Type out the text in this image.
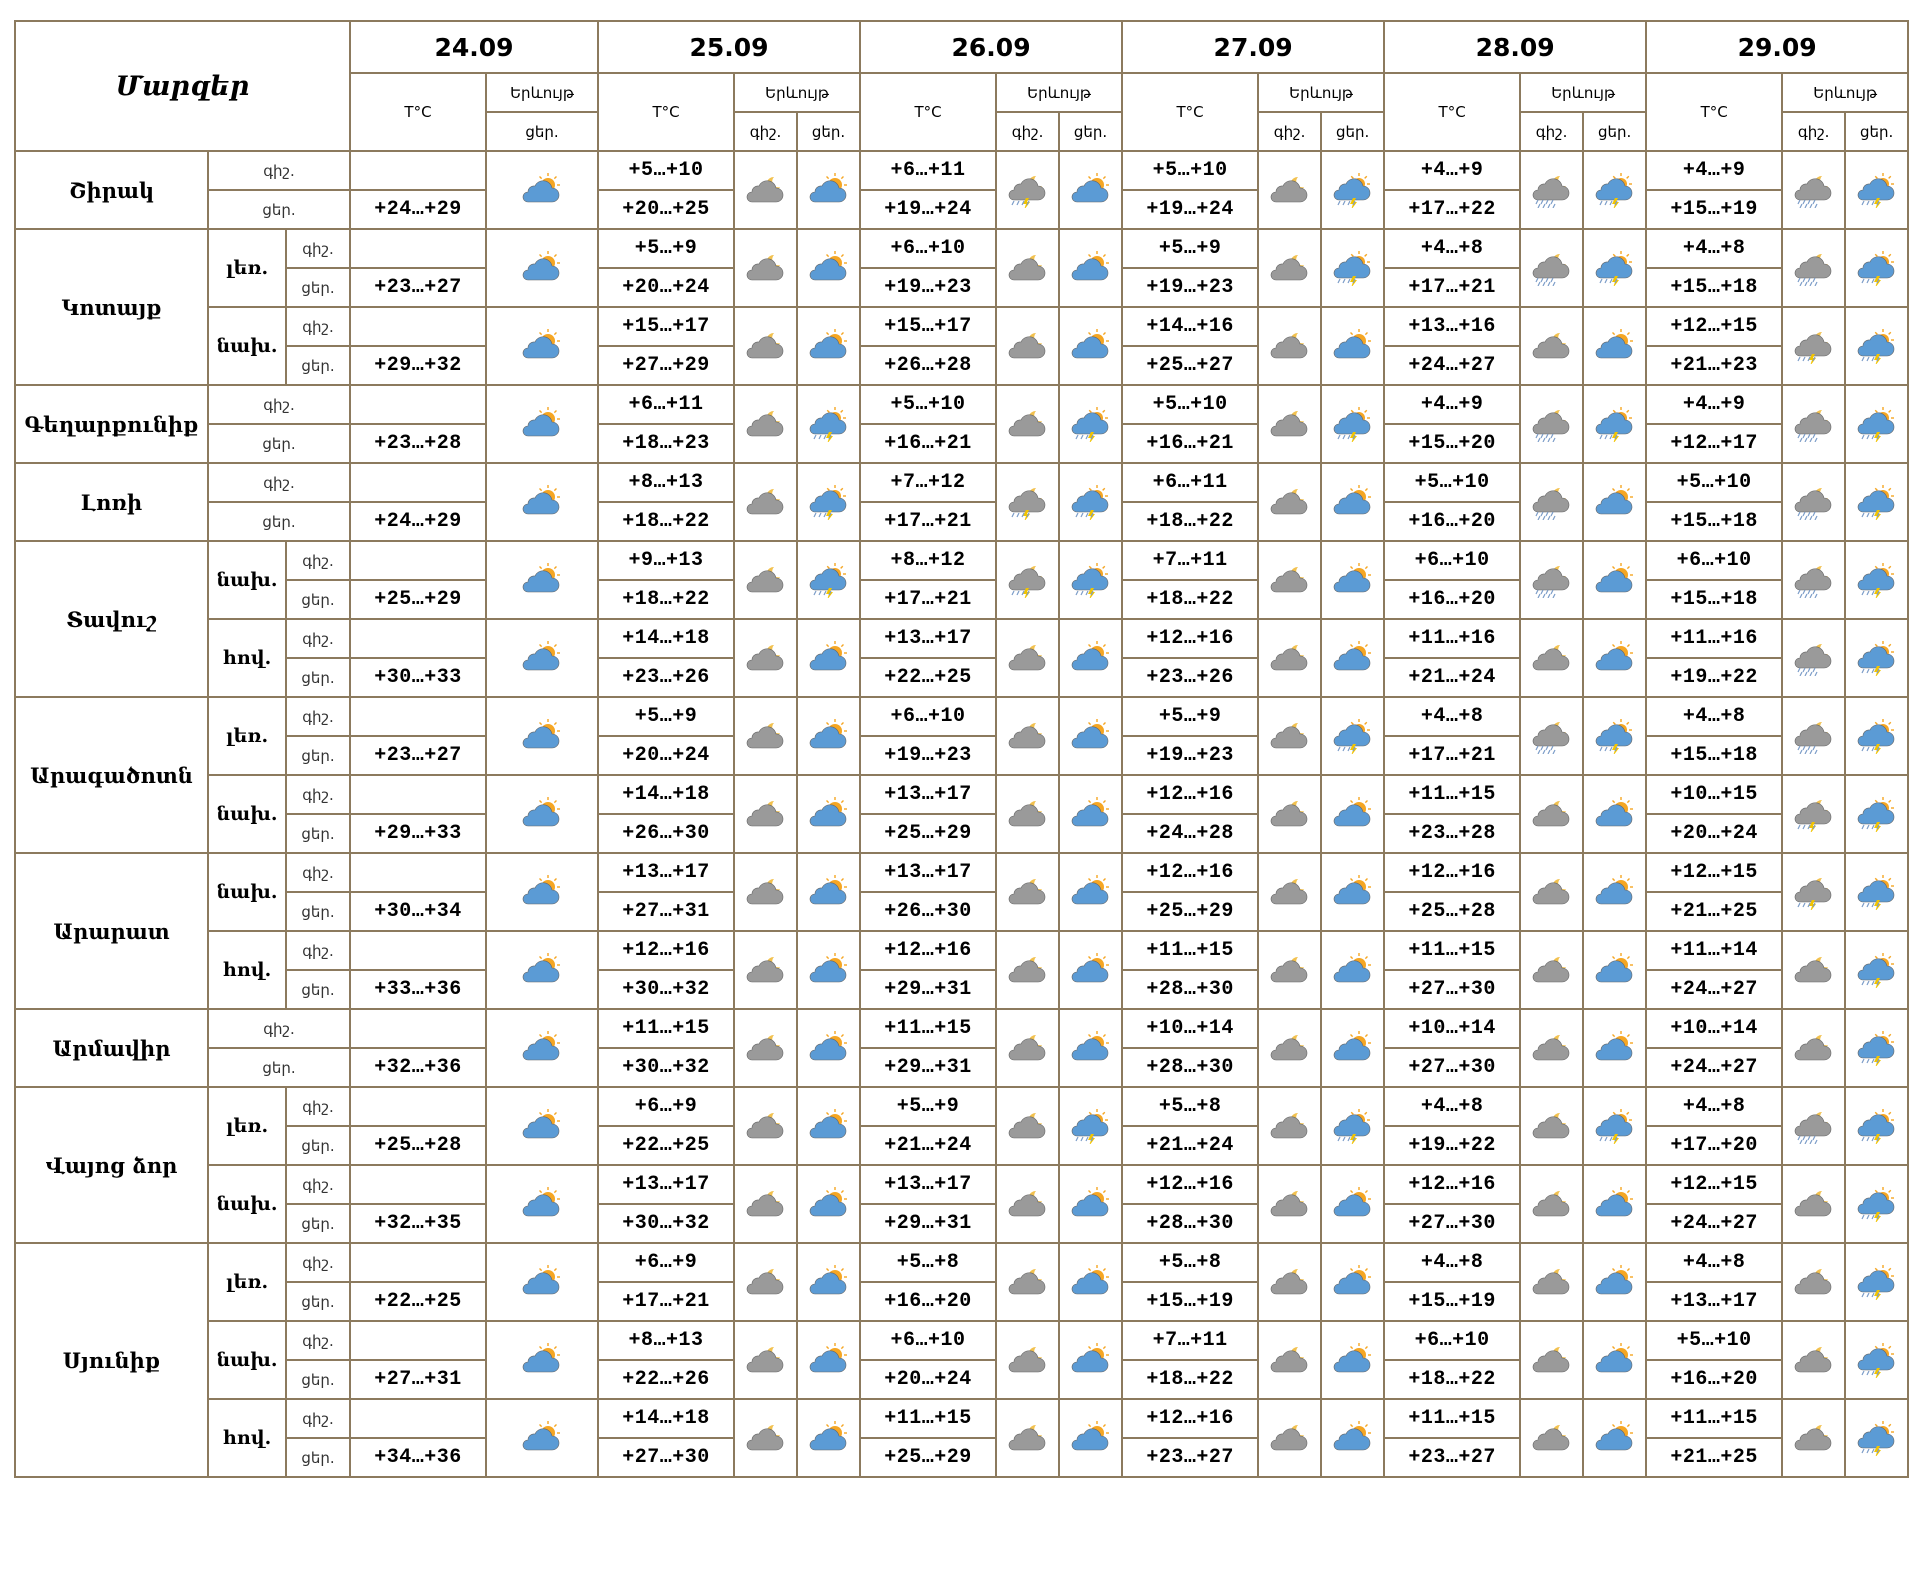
Մարզեր			24.09		25.09			26.09			27.09			28.09			29.09		
			T°C	Երևույթ	T°C	Երևույթ		T°C	Երևույթ		T°C	Երևույթ		T°C	Երևույթ		T°C	Երևույթ	
				ցեր.		գիշ.	ցեր.		գիշ.	ցեր.		գիշ.	ցեր.		գիշ.	ցեր.		գիշ.	ցեր.
Շիրակ	գիշ.				+5…+10			+6…+11			+5…+10			+4…+9			+4…+9		
	ցեր.		+24…+29		+20…+25			+19…+24			+19…+24			+17…+22			+15…+19		
Կոտայք	լեռ.	գիշ.			+5…+9			+6…+10			+5…+9			+4…+8			+4…+8		
		ցեր.	+23…+27		+20…+24			+19…+23			+19…+23			+17…+21			+15…+18		
	նախ.	գիշ.			+15…+17			+15…+17			+14…+16			+13…+16			+12…+15		
		ցեր.	+29…+32		+27…+29			+26…+28			+25…+27			+24…+27			+21…+23		
Գեղարքունիք	գիշ.				+6…+11			+5…+10			+5…+10			+4…+9			+4…+9		
	ցեր.		+23…+28		+18…+23			+16…+21			+16…+21			+15…+20			+12…+17		
Լոռի	գիշ.				+8…+13			+7…+12			+6…+11			+5…+10			+5…+10		
	ցեր.		+24…+29		+18…+22			+17…+21			+18…+22			+16…+20			+15…+18		
Տավուշ	նախ.	գիշ.			+9…+13			+8…+12			+7…+11			+6…+10			+6…+10		
		ցեր.	+25…+29		+18…+22			+17…+21			+18…+22			+16…+20			+15…+18		
	հով.	գիշ.			+14…+18			+13…+17			+12…+16			+11…+16			+11…+16		
		ցեր.	+30…+33		+23…+26			+22…+25			+23…+26			+21…+24			+19…+22		
Արագածոտն	լեռ.	գիշ.			+5…+9			+6…+10			+5…+9			+4…+8			+4…+8		
		ցեր.	+23…+27		+20…+24			+19…+23			+19…+23			+17…+21			+15…+18		
	նախ.	գիշ.			+14…+18			+13…+17			+12…+16			+11…+15			+10…+15		
		ցեր.	+29…+33		+26…+30			+25…+29			+24…+28			+23…+28			+20…+24		
Արարատ	նախ.	գիշ.			+13…+17			+13…+17			+12…+16			+12…+16			+12…+15		
		ցեր.	+30…+34		+27…+31			+26…+30			+25…+29			+25…+28			+21…+25		
	հով.	գիշ.			+12…+16			+12…+16			+11…+15			+11…+15			+11…+14		
		ցեր.	+33…+36		+30…+32			+29…+31			+28…+30			+27…+30			+24…+27		
Արմավիր	գիշ.				+11…+15			+11…+15			+10…+14			+10…+14			+10…+14		
	ցեր.		+32…+36		+30…+32			+29…+31			+28…+30			+27…+30			+24…+27		
Վայոց ձոր	լեռ.	գիշ.			+6…+9			+5…+9			+5…+8			+4…+8			+4…+8		
		ցեր.	+25…+28		+22…+25			+21…+24			+21…+24			+19…+22			+17…+20		
	նախ.	գիշ.			+13…+17			+13…+17			+12…+16			+12…+16			+12…+15		
		ցեր.	+32…+35		+30…+32			+29…+31			+28…+30			+27…+30			+24…+27		
Սյունիք	լեռ.	գիշ.			+6…+9			+5…+8			+5…+8			+4…+8			+4…+8		
		ցեր.	+22…+25		+17…+21			+16…+20			+15…+19			+15…+19			+13…+17		
	նախ.	գիշ.			+8…+13			+6…+10			+7…+11			+6…+10			+5…+10		
		ցեր.	+27…+31		+22…+26			+20…+24			+18…+22			+18…+22			+16…+20		
	հով.	գիշ.			+14…+18			+11…+15			+12…+16			+11…+15			+11…+15		
		ցեր.	+34…+36		+27…+30			+25…+29			+23…+27			+23…+27			+21…+25		
